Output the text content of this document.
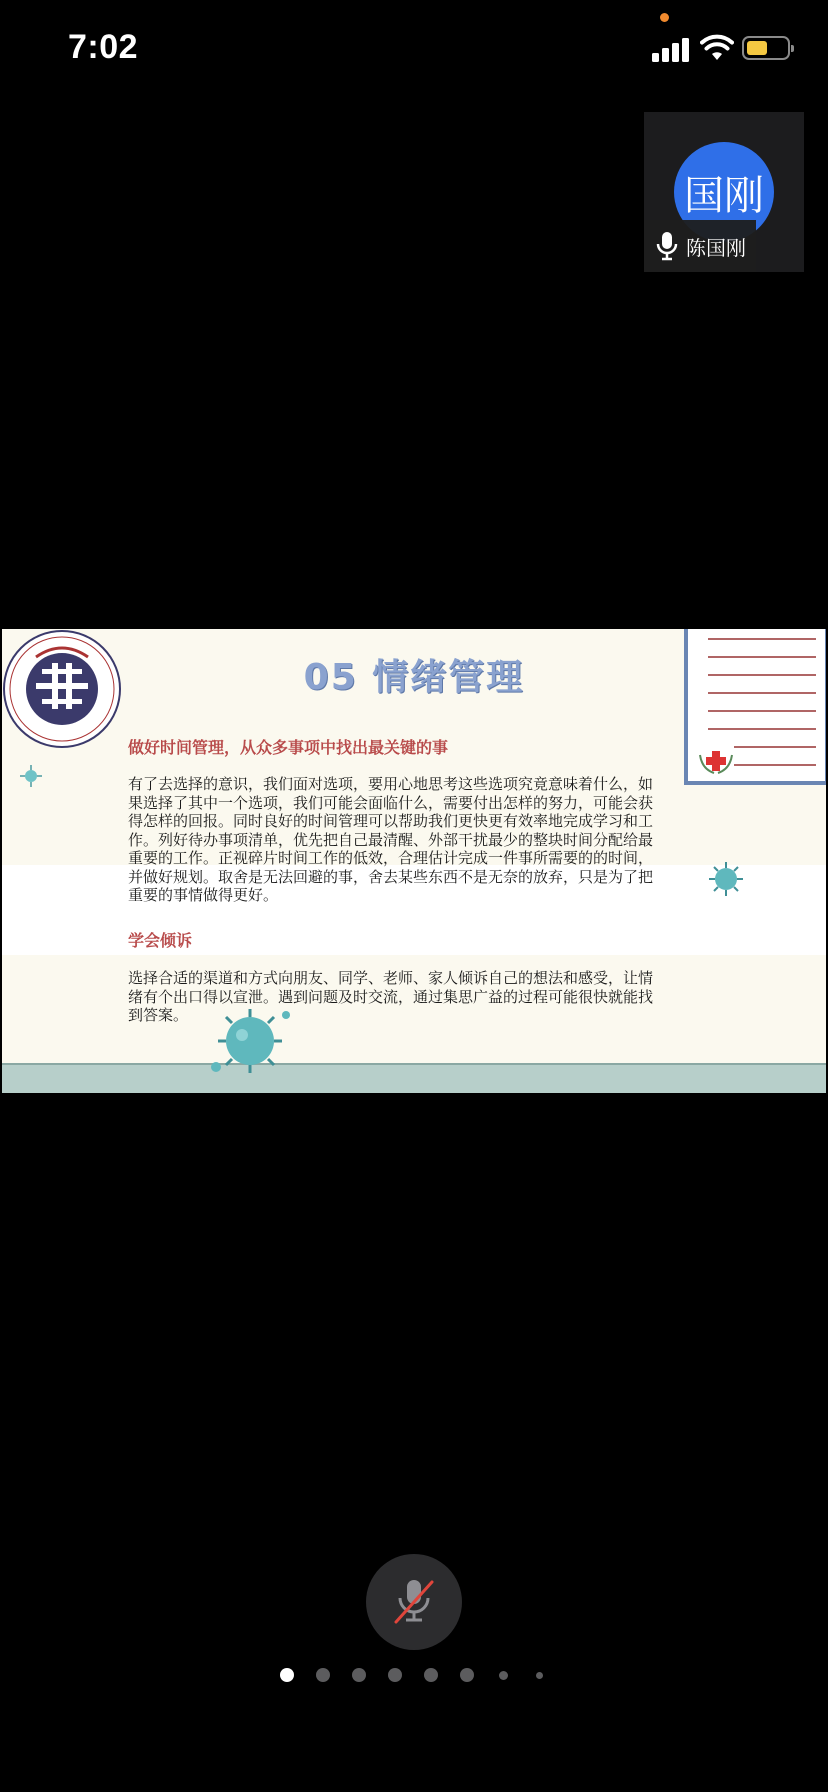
7:02
国刚
陈国刚
05 情绪管理
做好时间管理，从众多事项中找出最关键的事
有了去选择的意识，我们面对选项，要用心地思考这些选项究竟意味着什么，如
果选择了其中一个选项，我们可能会面临什么，需要付出怎样的努力，可能会获
得怎样的回报。同时良好的时间管理可以帮助我们更快更有效率地完成学习和工
作。列好待办事项清单，优先把自己最清醒、外部干扰最少的整块时间分配给最
重要的工作。正视碎片时间工作的低效，合理估计完成一件事所需要的的时间，
并做好规划。取舍是无法回避的事，舍去某些东西不是无奈的放弃，只是为了把
重要的事情做得更好。
学会倾诉
选择合适的渠道和方式向朋友、同学、老师、家人倾诉自己的想法和感受，让情
绪有个出口得以宣泄。遇到问题及时交流，通过集思广益的过程可能很快就能找
到答案。
